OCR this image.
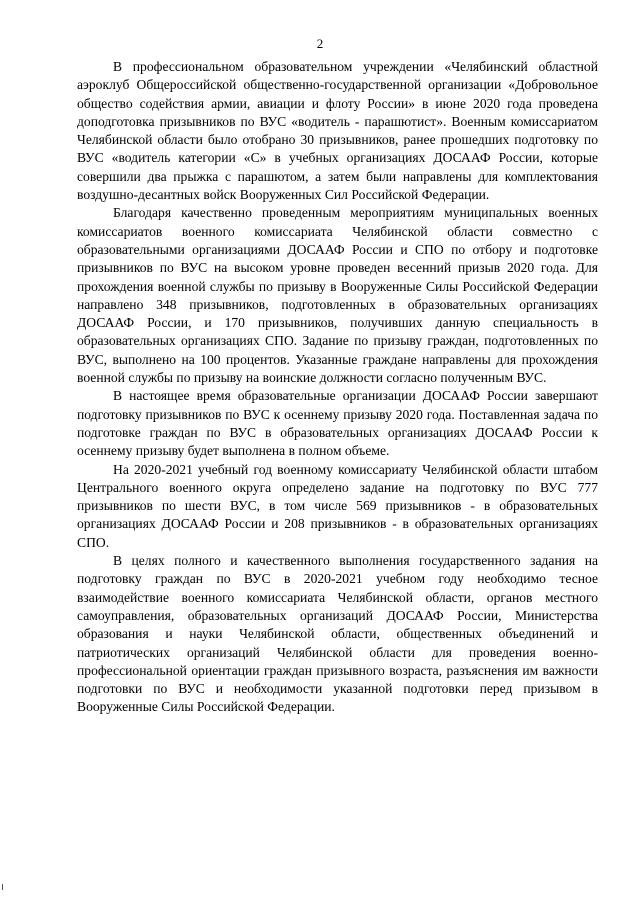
2

В профессиональном образовательном учреждении «Челябинский областной аэроклуб Общероссийской общественно-государственной организации «Добровольное общество содействия армии, авиации и флоту России» в июне 2020 года проведена доподготовка призывников по ВУС «водитель - парашютист». Военным комиссариатом Челябинской области было отобрано 30 призывников, ранее прошедших подготовку по ВУС «водитель категории «С» в учебных организациях ДОСААФ России, которые совершили два прыжка с парашютом, а затем были направлены для комплектования воздушно-десантных войск Вооруженных Сил Российской Федерации.

Благодаря качественно проведенным мероприятиям муниципальных военных комиссариатов военного комиссариата Челябинской области совместно с образовательными организациями ДОСААФ России и СПО по отбору и подготовке призывников по ВУС на высоком уровне проведен весенний призыв 2020 года. Для прохождения военной службы по призыву в Вооруженные Силы Российской Федерации направлено 348 призывников, подготовленных в образовательных организациях ДОСААФ России, и 170 призывников, получивших данную специальность в образовательных организациях СПО. Задание по призыву граждан, подготовленных по ВУС, выполнено на 100 процентов. Указанные граждане направлены для прохождения военной службы по призыву на воинские должности согласно полученным ВУС.

В настоящее время образовательные организации ДОСААФ России завершают подготовку призывников по ВУС к осеннему призыву 2020 года. Поставленная задача по подготовке граждан по ВУС в образовательных организациях ДОСААФ России к осеннему призыву будет выполнена в полном объеме.

На 2020-2021 учебный год военному комиссариату Челябинской области штабом Центрального военного округа определено задание на подготовку по ВУС 777 призывников по шести ВУС, в том числе 569 призывников - в образовательных организациях ДОСААФ России и 208 призывников - в образовательных организациях СПО.

В целях полного и качественного выполнения государственного задания на подготовку граждан по ВУС в 2020-2021 учебном году необходимо тесное взаимодействие военного комиссариата Челябинской области, органов местного самоуправления, образовательных организаций ДОСААФ России, Министерства образования и науки Челябинской области, общественных объединений и патриотических организаций Челябинской области для проведения военно-профессиональной ориентации граждан призывного возраста, разъяснения им важности подготовки по ВУС и необходимости указанной подготовки перед призывом в Вооруженные Силы Российской Федерации.
